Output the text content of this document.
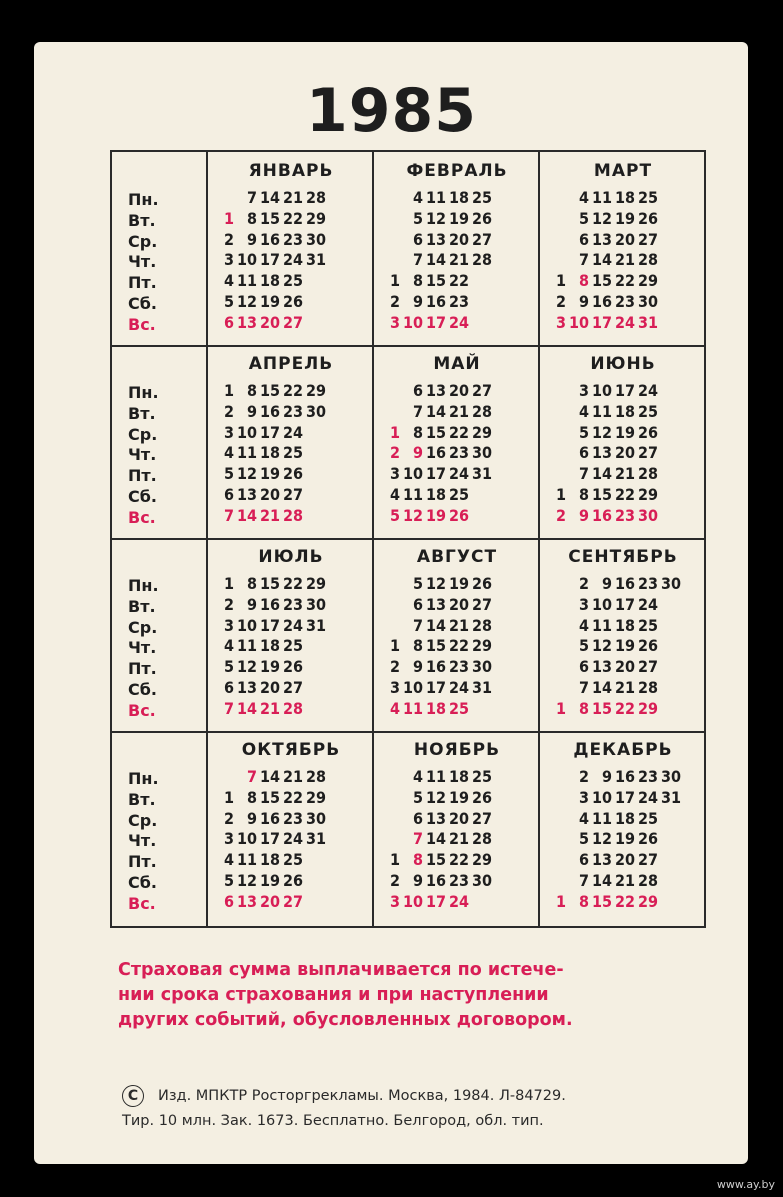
1985
Пн.
Вт.
Ср.
Чт.
Пт.
Сб.
Вс.
ЯНВАРЬ
7 14 21 28
1 8 15 22 29
2 9 16 23 30
3 10 17 24 31
4 11 18 25
5 12 19 26
6 13 20 27
ФЕВРАЛЬ
4 11 18 25
5 12 19 26
6 13 20 27
7 14 21 28
1 8 15 22
2 9 16 23
3 10 17 24
МАРТ
4 11 18 25
5 12 19 26
6 13 20 27
7 14 21 28
1 8 15 22 29
2 9 16 23 30
3 10 17 24 31
Пн.
Вт.
Ср.
Чт.
Пт.
Сб.
Вс.
АПРЕЛЬ
1 8 15 22 29
2 9 16 23 30
3 10 17 24
4 11 18 25
5 12 19 26
6 13 20 27
7 14 21 28
МАЙ
6 13 20 27
7 14 21 28
1 8 15 22 29
2 9 16 23 30
3 10 17 24 31
4 11 18 25
5 12 19 26
ИЮНЬ
3 10 17 24
4 11 18 25
5 12 19 26
6 13 20 27
7 14 21 28
1 8 15 22 29
2 9 16 23 30
Пн.
Вт.
Ср.
Чт.
Пт.
Сб.
Вс.
ИЮЛЬ
1 8 15 22 29
2 9 16 23 30
3 10 17 24 31
4 11 18 25
5 12 19 26
6 13 20 27
7 14 21 28
АВГУСТ
5 12 19 26
6 13 20 27
7 14 21 28
1 8 15 22 29
2 9 16 23 30
3 10 17 24 31
4 11 18 25
СЕНТЯБРЬ
2 9 16 23 30
3 10 17 24
4 11 18 25
5 12 19 26
6 13 20 27
7 14 21 28
1 8 15 22 29
Пн.
Вт.
Ср.
Чт.
Пт.
Сб.
Вс.
ОКТЯБРЬ
7 14 21 28
1 8 15 22 29
2 9 16 23 30
3 10 17 24 31
4 11 18 25
5 12 19 26
6 13 20 27
НОЯБРЬ
4 11 18 25
5 12 19 26
6 13 20 27
7 14 21 28
1 8 15 22 29
2 9 16 23 30
3 10 17 24
ДЕКАБРЬ
2 9 16 23 30
3 10 17 24 31
4 11 18 25
5 12 19 26
6 13 20 27
7 14 21 28
1 8 15 22 29
Страховая сумма выплачивается по истече-
нии срока страхования и при наступлении
других событий, обусловленных договором.
С Изд. МПКТР Росторгрекламы. Москва, 1984. Л-84729.
Тир. 10 млн. Зак. 1673. Бесплатно. Белгород, обл. тип.
www.ay.by
